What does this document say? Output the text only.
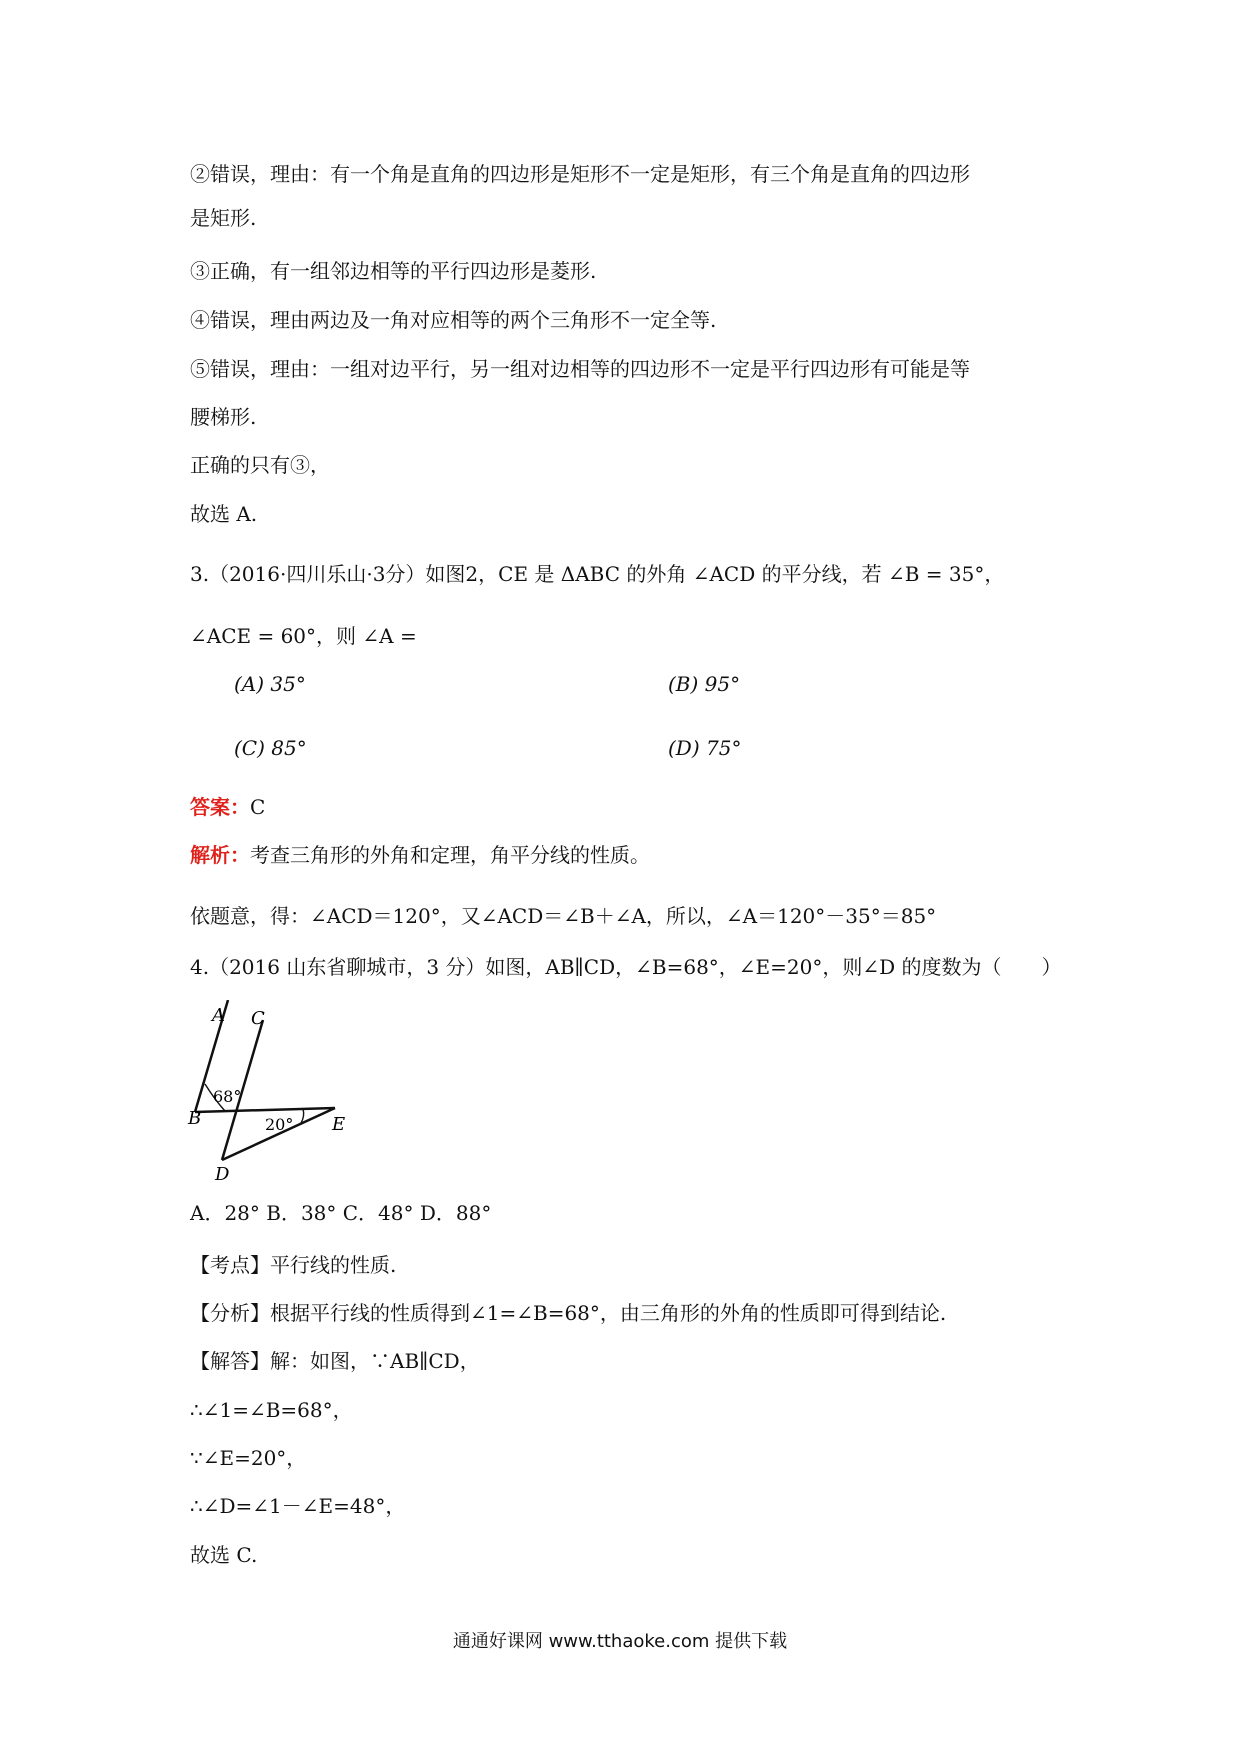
②错误，理由：有一个角是直角的四边形是矩形不一定是矩形，有三个角是直角的四边形
是矩形.
③正确，有一组邻边相等的平行四边形是菱形.
④错误，理由两边及一角对应相等的两个三角形不一定全等.
⑤错误，理由：一组对边平行，另一组对边相等的四边形不一定是平行四边形有可能是等
腰梯形.
正确的只有③，
故选 A.
3.（2016·四川乐山·3分）如图2，CE 是 ΔABC 的外角 ∠ACD 的平分线，若 ∠B = 35°，
∠ACE = 60°，则 ∠A =
(A) 35°	(B) 95°
(C) 85°	(D) 75°
答案：C
解析：考查三角形的外角和定理，角平分线的性质。
依题意，得：∠ACD＝120°，又∠ACD＝∠B＋∠A，所以，∠A＝120°－35°＝85°
4.（2016 山东省聊城市，3 分）如图，AB∥CD，∠B=68°，∠E=20°，则∠D 的度数为（　　）
A C
B	E
D
68°
20°
A．28° B．38° C．48° D．88°
【考点】平行线的性质.
【分析】根据平行线的性质得到∠1=∠B=68°，由三角形的外角的性质即可得到结论.
【解答】解：如图，∵AB∥CD，
∴∠1=∠B=68°，
∵∠E=20°，
∴∠D=∠1－∠E=48°，
故选 C.
通通好课网 www.tthaoke.com 提供下载
